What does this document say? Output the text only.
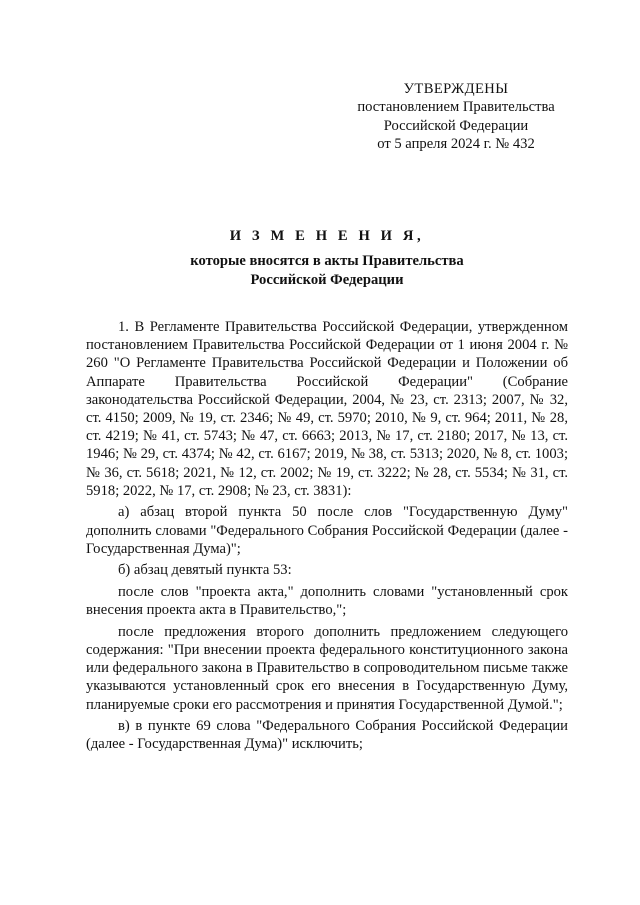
УТВЕРЖДЕНЫ
постановлением Правительства
Российской Федерации
от 5 апреля 2024 г. № 432
И З М Е Н Е Н И Я,
которые вносятся в акты Правительства
Российской Федерации

1. В Регламенте Правительства Российской Федерации, утвержденном постановлением Правительства Российской Федерации от 1 июня 2004 г. № 260 "О Регламенте Правительства Российской Федерации и Положении об Аппарате Правительства Российской Федерации" (Собрание законодательства Российской Федерации, 2004, № 23, ст. 2313; 2007, № 32, ст. 4150; 2009, № 19, ст. 2346; № 49, ст. 5970; 2010, № 9, ст. 964; 2011, № 28, ст. 4219; № 41, ст. 5743; № 47, ст. 6663; 2013, № 17, ст. 2180; 2017, № 13, ст. 1946; № 29, ст. 4374; № 42, ст. 6167; 2019, № 38, ст. 5313; 2020, № 8, ст. 1003; № 36, ст. 5618; 2021, № 12, ст. 2002; № 19, ст. 3222; № 28, ст. 5534; № 31, ст. 5918; 2022, № 17, ст. 2908; № 23, ст. 3831):

а) абзац второй пункта 50 после слов "Государственную Думу" дополнить словами "Федерального Собрания Российской Федерации (далее - Государственная Дума)";

б) абзац девятый пункта 53:

после слов "проекта акта," дополнить словами "установленный срок внесения проекта акта в Правительство,";

после предложения второго дополнить предложением следующего содержания: "При внесении проекта федерального конституционного закона или федерального закона в Правительство в сопроводительном письме также указываются установленный срок его внесения в Государственную Думу, планируемые сроки его рассмотрения и принятия Государственной Думой.";

в) в пункте 69 слова "Федерального Собрания Российской Федерации (далее - Государственная Дума)" исключить;
